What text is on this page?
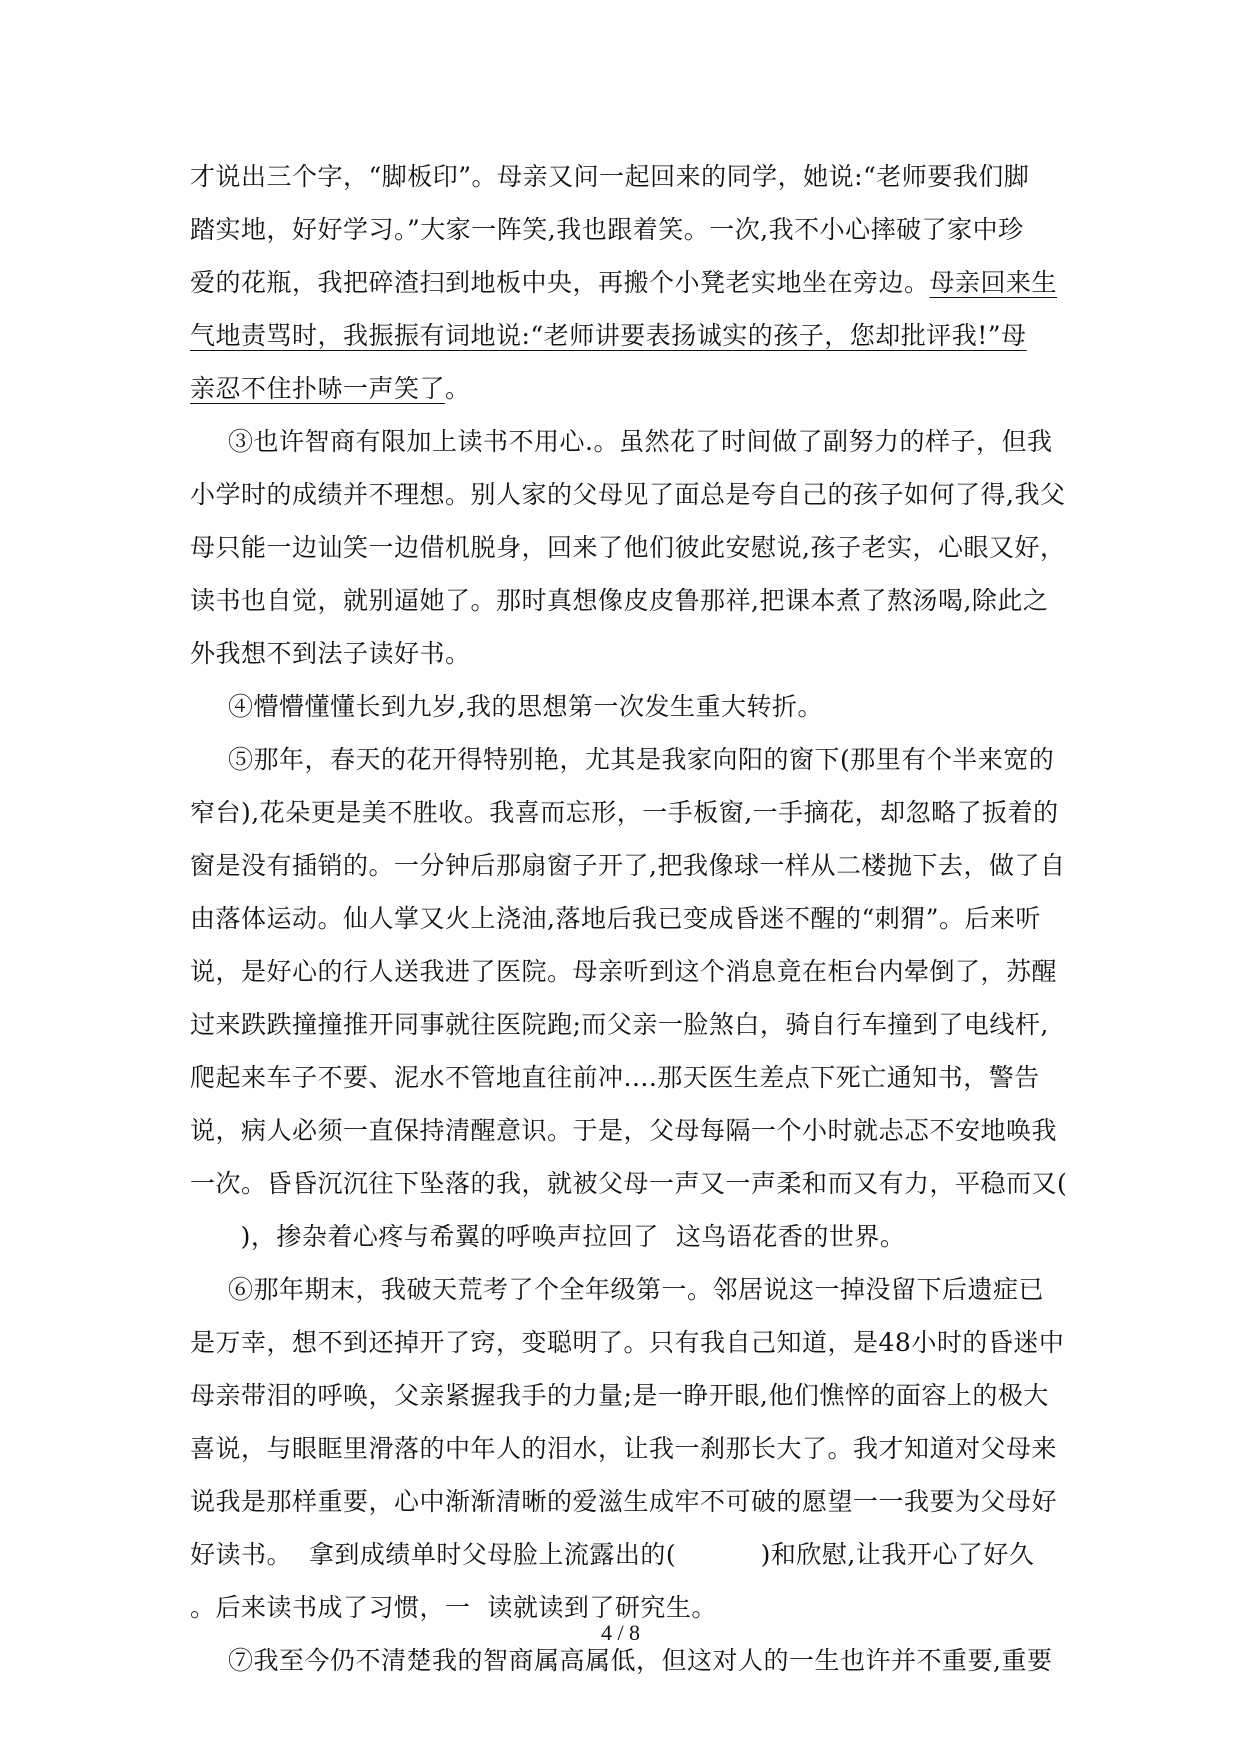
才说出三个字，“脚板印”。母亲又问一起回来的同学，她说:“老师要我们脚
踏实地，好好学习。”大家一阵笑,我也跟着笑。一次,我不小心摔破了家中珍
爱的花瓶，我把碎渣扫到地板中央，再搬个小凳老实地坐在旁边。母亲回来生
气地责骂时，我振振有词地说:“老师讲要表扬诚实的孩子，您却批评我!”母
亲忍不住扑哧一声笑了。
③也许智商有限加上读书不用心.。虽然花了时间做了副努力的样子，但我
小学时的成绩并不理想。别人家的父母见了面总是夸自己的孩子如何了得,我父
母只能一边讪笑一边借机脱身，回来了他们彼此安慰说,孩子老实，心眼又好，
读书也自觉，就别逼她了。那时真想像皮皮鲁那祥,把课本煮了熬汤喝,除此之
外我想不到法子读好书。
④懵懵懂懂长到九岁,我的思想第一次发生重大转折。
⑤那年，春天的花开得特别艳，尤其是我家向阳的窗下(那里有个半来宽的
窄台),花朵更是美不胜收。我喜而忘形，一手板窗,一手摘花，却忽略了扳着的
窗是没有插销的。一分钟后那扇窗子开了,把我像球一样从二楼抛下去，做了自
由落体运动。仙人掌又火上浇油,落地后我已变成昏迷不醒的“刺猬”。后来听
说，是好心的行人送我进了医院。母亲听到这个消息竟在柜台内晕倒了，苏醒
过来跌跌撞撞推开同事就往医院跑;而父亲一脸煞白，骑自行车撞到了电线杆,
爬起来车子不要、泥水不管地直往前冲....那天医生差点下死亡通知书，警告
说，病人必须一直保持清醒意识。于是，父母每隔一个小时就忐忑不安地唤我
一次。昏昏沉沉往下坠落的我，就被父母一声又一声柔和而又有力，平稳而又(
)，掺杂着心疼与希翼的呼唤声拉回了  这鸟语花香的世界。
⑥那年期末，我破天荒考了个全年级第一。邻居说这一掉没留下后遗症已
是万幸，想不到还掉开了窍，变聪明了。只有我自己知道，是48小时的昏迷中
母亲带泪的呼唤，父亲紧握我手的力量;是一睁开眼,他们憔悴的面容上的极大
喜说，与眼眶里滑落的中年人的泪水，让我一刹那长大了。我才知道对父母来
说我是那样重要，心中渐渐清晰的爱滋生成牢不可破的愿望一一我要为父母好
好读书。  拿到成绩单时父母脸上流露出的(          )和欣慰,让我开心了好久
。后来读书成了习惯，一  读就读到了研究生。
⑦我至今仍不清楚我的智商属高属低，但这对人的一生也许并不重要,重要
4 / 8
